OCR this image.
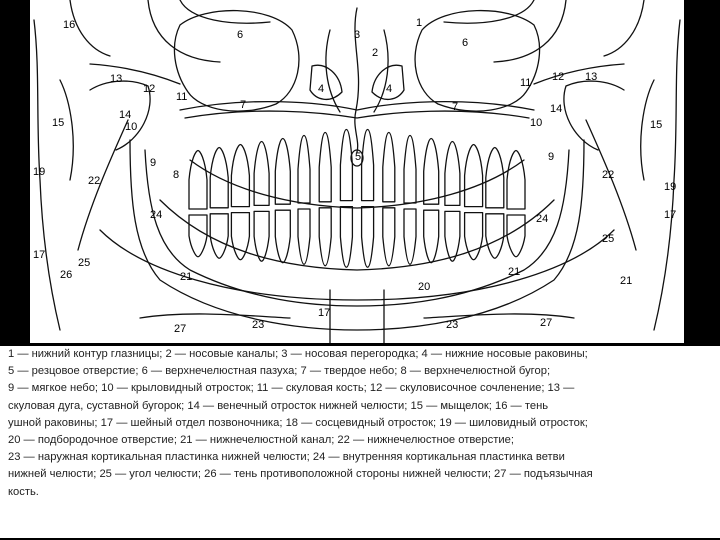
16
6	3
1
2
6
4	4
5
7	7
13
12
11
15
14
10
9
8
19
22
24
17
25
26	21
27	23
17
23	27
20
21
21
25
24
22
19
17
9
15
10
14
11 12 13

1 — нижний контур глазницы; 2 — носовые каналы; 3 — носовая перегородка; 4 — нижние носовые раковины;

5 — резцовое отверстие; 6 — верхнечелюстная пазуха; 7 — твердое небо; 8 — верхнечелюстной бугор;

9 — мягкое небо; 10 — крыловидный отросток; 11 — скуловая кость; 12 — скуловисочное сочленение; 13 —

скуловая дуга, суставной бугорок; 14 — венечный отросток нижней челюсти; 15 — мыщелок; 16 — тень

ушной раковины; 17 — шейный отдел позвоночника; 18 — сосцевидный отросток; 19 — шиловидный отросток;

20 — подбородочное отверстие; 21 — нижнечелюстной канал; 22 — нижнечелюстное отверстие;

23 — наружная кортикальная пластинка нижней челюсти; 24 — внутренняя кортикальная пластинка ветви

нижней челюсти; 25 — угол челюсти; 26 — тень противоположной стороны нижней челюсти; 27 — подъязычная

кость.
